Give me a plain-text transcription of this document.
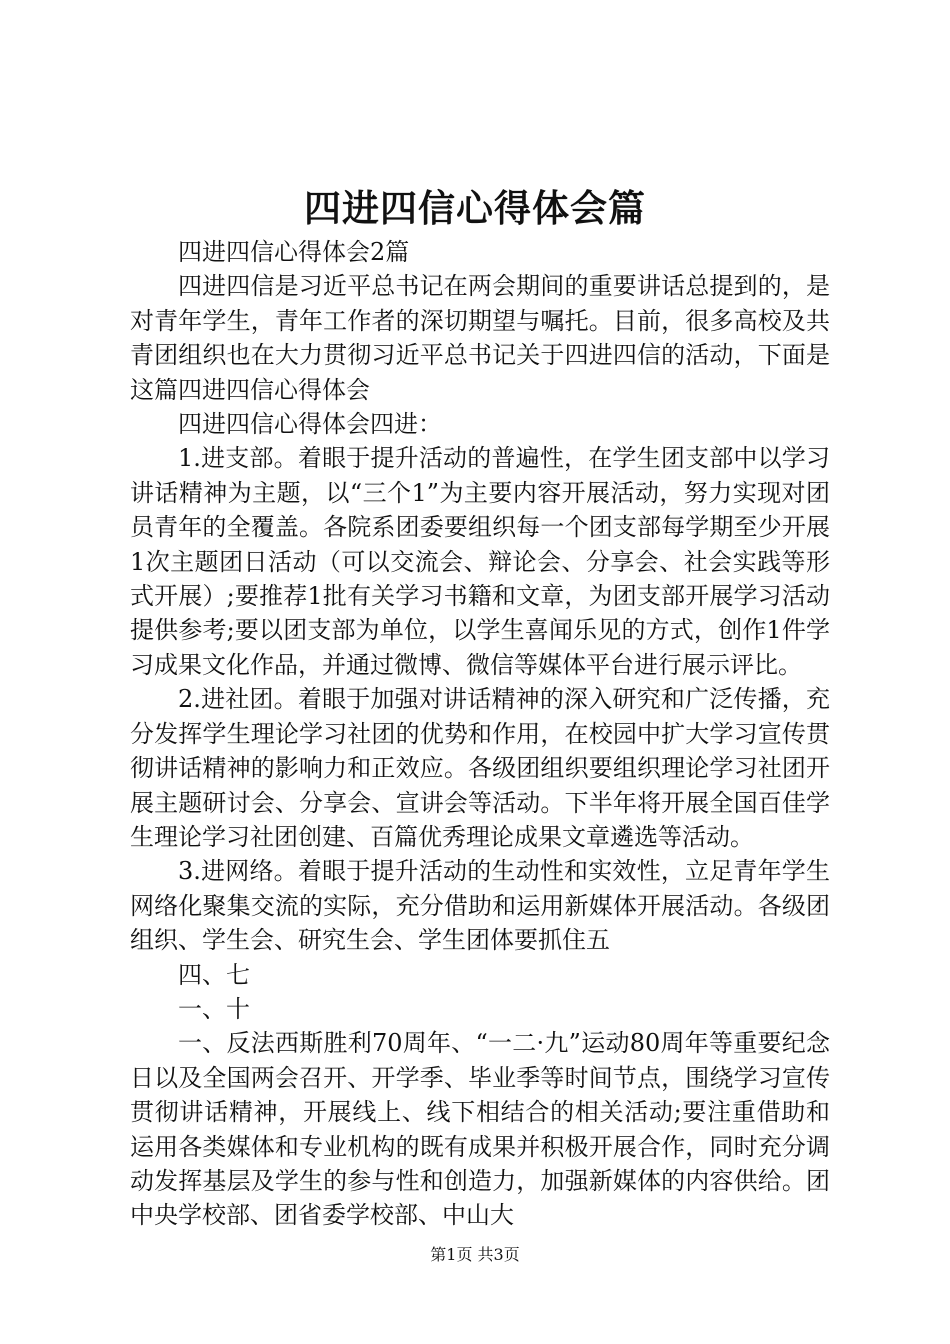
四进四信心得体会篇

四进四信心得体会2篇

四进四信是习近平总书记在两会期间的重要讲话总提到的，是对青年学生，青年工作者的深切期望与嘱托。目前，很多高校及共青团组织也在大力贯彻习近平总书记关于四进四信的活动，下面是这篇四进四信心得体会

四进四信心得体会四进：

1.进支部。着眼于提升活动的普遍性，在学生团支部中以学习讲话精神为主题，以“三个1”为主要内容开展活动，努力实现对团员青年的全覆盖。各院系团委要组织每一个团支部每学期至少开展1次主题团日活动（可以交流会、辩论会、分享会、社会实践等形式开展）;要推荐1批有关学习书籍和文章，为团支部开展学习活动提供参考;要以团支部为单位，以学生喜闻乐见的方式，创作1件学习成果文化作品，并通过微博、微信等媒体平台进行展示评比。

2.进社团。着眼于加强对讲话精神的深入研究和广泛传播，充分发挥学生理论学习社团的优势和作用，在校园中扩大学习宣传贯彻讲话精神的影响力和正效应。各级团组织要组织理论学习社团开展主题研讨会、分享会、宣讲会等活动。下半年将开展全国百佳学生理论学习社团创建、百篇优秀理论成果文章遴选等活动。

3.进网络。着眼于提升活动的生动性和实效性，立足青年学生网络化聚集交流的实际，充分借助和运用新媒体开展活动。各级团组织、学生会、研究生会、学生团体要抓住五

四、七

一、十

一、反法西斯胜利70周年、“一二·九”运动80周年等重要纪念日以及全国两会召开、开学季、毕业季等时间节点，围绕学习宣传贯彻讲话精神，开展线上、线下相结合的相关活动;要注重借助和运用各类媒体和专业机构的既有成果并积极开展合作，同时充分调动发挥基层及学生的参与性和创造力，加强新媒体的内容供给。团中央学校部、团省委学校部、中山大

第1页 共3页
